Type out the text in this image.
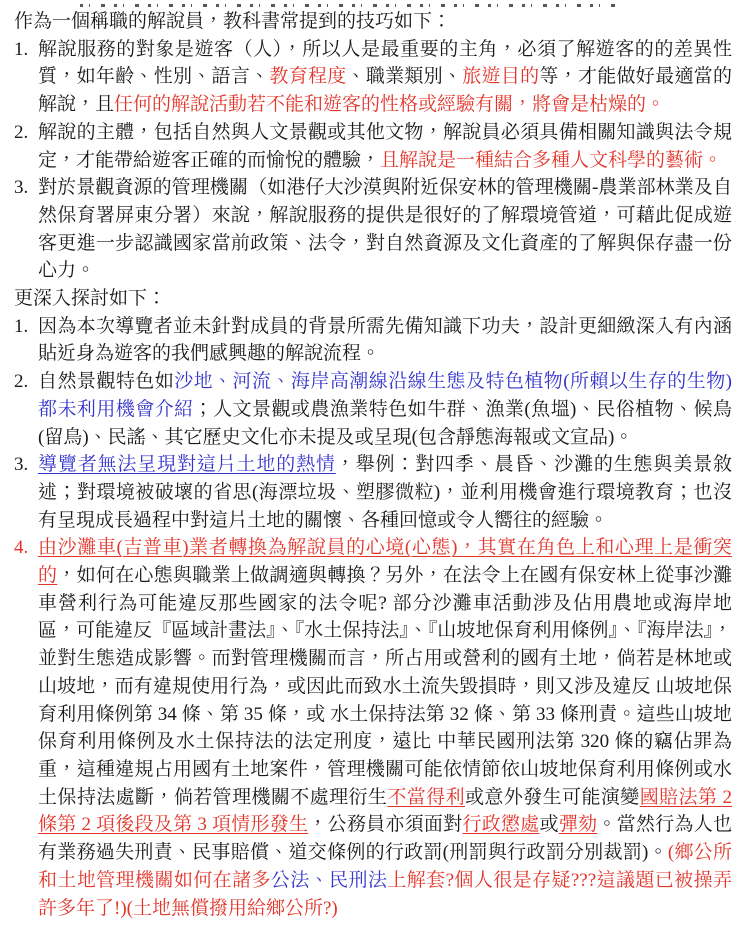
作為一個稱職的解說員，教科書常提到的技巧如下：
1. 解說服務的對象是遊客（人），所以人是最重要的主角，必須了解遊客的的差異性質，如年齡、性別、語言、教育程度、職業類別、旅遊目的等，才能做好最適當的解說，且任何的解說活動若不能和遊客的性格或經驗有關，將會是枯燥的。
2. 解說的主體，包括自然與人文景觀或其他文物，解說員必須具備相關知識與法令規定，才能帶給遊客正確的而愉悅的體驗，且解說是一種結合多種人文科學的藝術。
3. 對於景觀資源的管理機關（如港仔大沙漠與附近保安林的管理機關-農業部林業及自然保育署屏東分署）來說，解說服務的提供是很好的了解環境管道，可藉此促成遊客更進一步認識國家當前政策、法令，對自然資源及文化資產的了解與保存盡一份心力。
更深入探討如下：
1. 因為本次導覽者並未針對成員的背景所需先備知識下功夫，設計更細緻深入有內涵貼近身為遊客的我們感興趣的解說流程。
2. 自然景觀特色如沙地、河流、海岸高潮線沿線生態及特色植物(所賴以生存的生物)都未利用機會介紹；人文景觀或農漁業特色如牛群、漁業(魚塭)、民俗植物、候鳥(留鳥)、民謠、其它歷史文化亦未提及或呈現(包含靜態海報或文宣品)。
3. 導覽者無法呈現對這片土地的熱情，舉例：對四季、晨昏、沙灘的生態與美景敘述；對環境被破壞的省思(海漂垃圾、塑膠微粒)，並利用機會進行環境教育；也沒有呈現成長過程中對這片土地的關懷、各種回憶或令人嚮往的經驗。
4. 由沙灘車(吉普車)業者轉換為解說員的心境(心態)，其實在角色上和心理上是衝突的，如何在心態與職業上做調適與轉換？另外，在法令上在國有保安林上從事沙灘車營利行為可能違反那些國家的法令呢? 部分沙灘車活動涉及佔用農地或海岸地區，可能違反『區域計畫法』、『水土保持法』、『山坡地保育利用條例』、『海岸法』，並對生態造成影響。而對管理機關而言，所占用或營利的國有土地，倘若是林地或山坡地，而有違規使用行為，或因此而致水土流失毀損時，則又涉及違反 山坡地保育利用條例第 34 條、第 35 條，或 水土保持法第 32 條、第 33 條刑責。這些山坡地保育利用條例及水土保持法的法定刑度，遠比 中華民國刑法第 320 條的竊佔罪為重，這種違規占用國有土地案件，管理機關可能依情節依山坡地保育利用條例或水土保持法處斷，倘若管理機關不處理衍生不當得利或意外發生可能演變國賠法第 2 條第 2 項後段及第 3 項情形發生，公務員亦須面對行政懲處或彈劾。當然行為人也有業務過失刑責、民事賠償、道交條例的行政罰(刑罰與行政罰分別裁罰)。(鄉公所和土地管理機關如何在諸多公法、民刑法上解套?個人很是存疑???這議題已被操弄許多年了!)(土地無償撥用給鄉公所?)
